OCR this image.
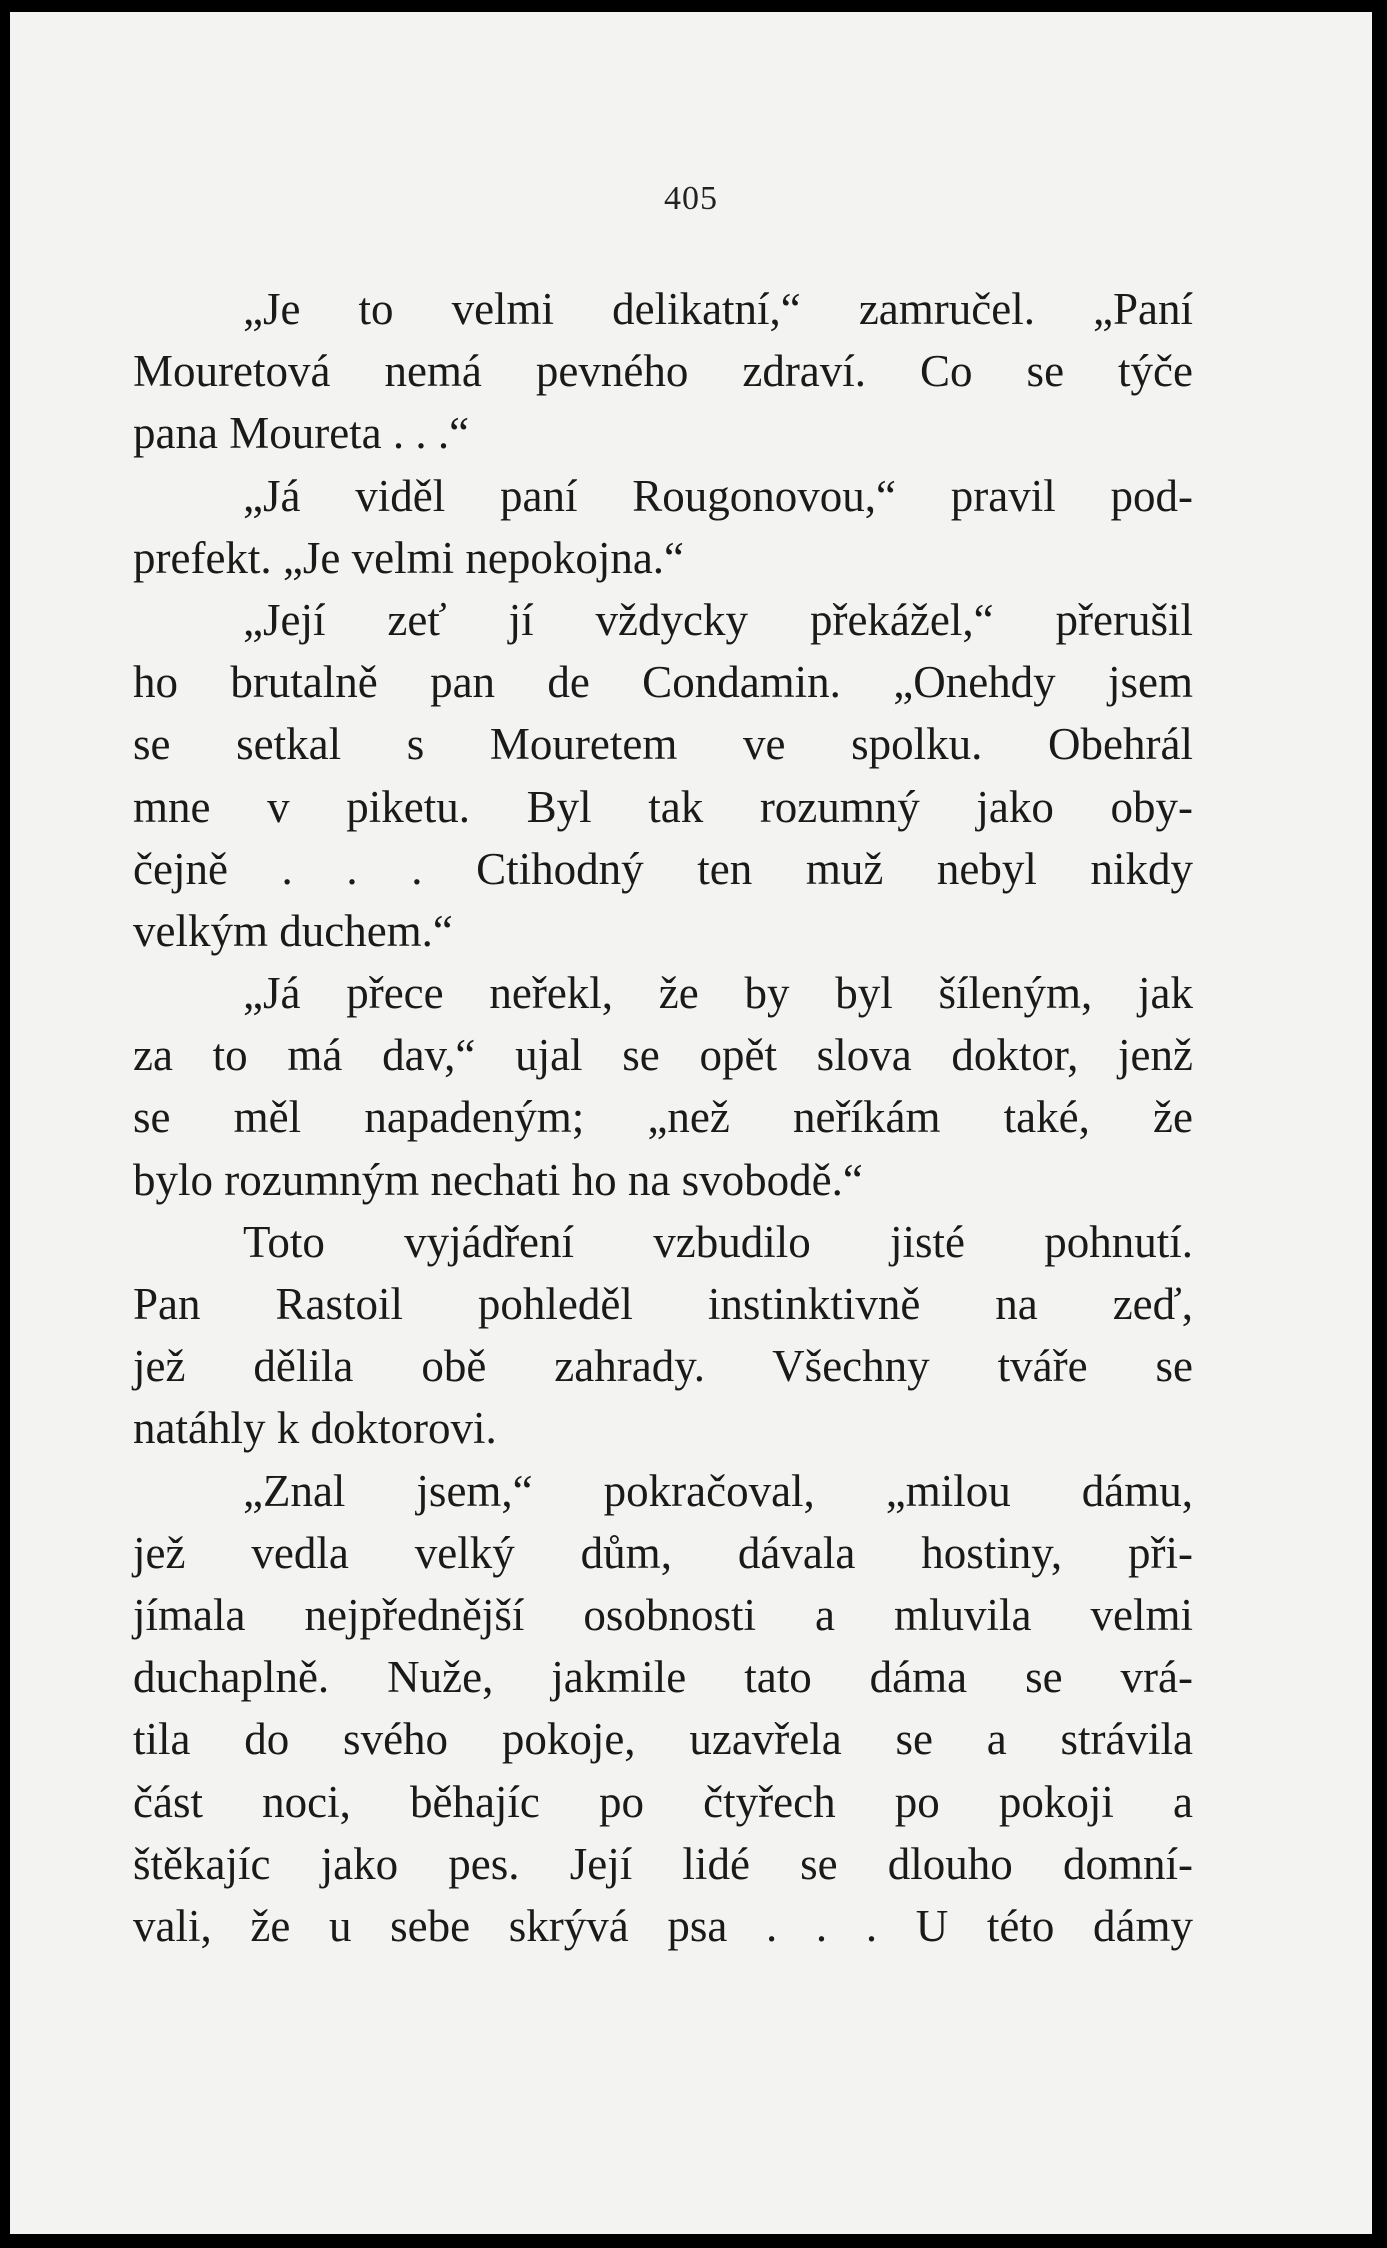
405

„Je to velmi delikatní,“ zamručel. „Paní
Mouretová nemá pevného zdraví. Co se týče
pana Moureta . . .“

„Já viděl paní Rougonovou,“ pravil pod-
prefekt. „Je velmi nepokojna.“

„Její zeť jí vždycky překážel,“ přerušil
ho brutalně pan de Condamin. „Onehdy jsem
se setkal s Mouretem ve spolku. Obehrál
mne v piketu. Byl tak rozumný jako oby-
čejně . . . Ctihodný ten muž nebyl nikdy
velkým duchem.“

„Já přece neřekl, že by byl šíleným, jak
za to má dav,“ ujal se opět slova doktor, jenž
se měl napadeným; „než neříkám také, že
bylo rozumným nechati ho na svobodě.“

Toto vyjádření vzbudilo jisté pohnutí.
Pan Rastoil pohleděl instinktivně na zeď,
jež dělila obě zahrady. Všechny tváře se
natáhly k doktorovi.

„Znal jsem,“ pokračoval, „milou dámu,
jež vedla velký dům, dávala hostiny, při-
jímala nejpřednější osobnosti a mluvila velmi
duchaplně. Nuže, jakmile tato dáma se vrá-
tila do svého pokoje, uzavřela se a strávila
část noci, běhajíc po čtyřech po pokoji a
štěkajíc jako pes. Její lidé se dlouho domní-
vali, že u sebe skrývá psa . . . U této dámy
